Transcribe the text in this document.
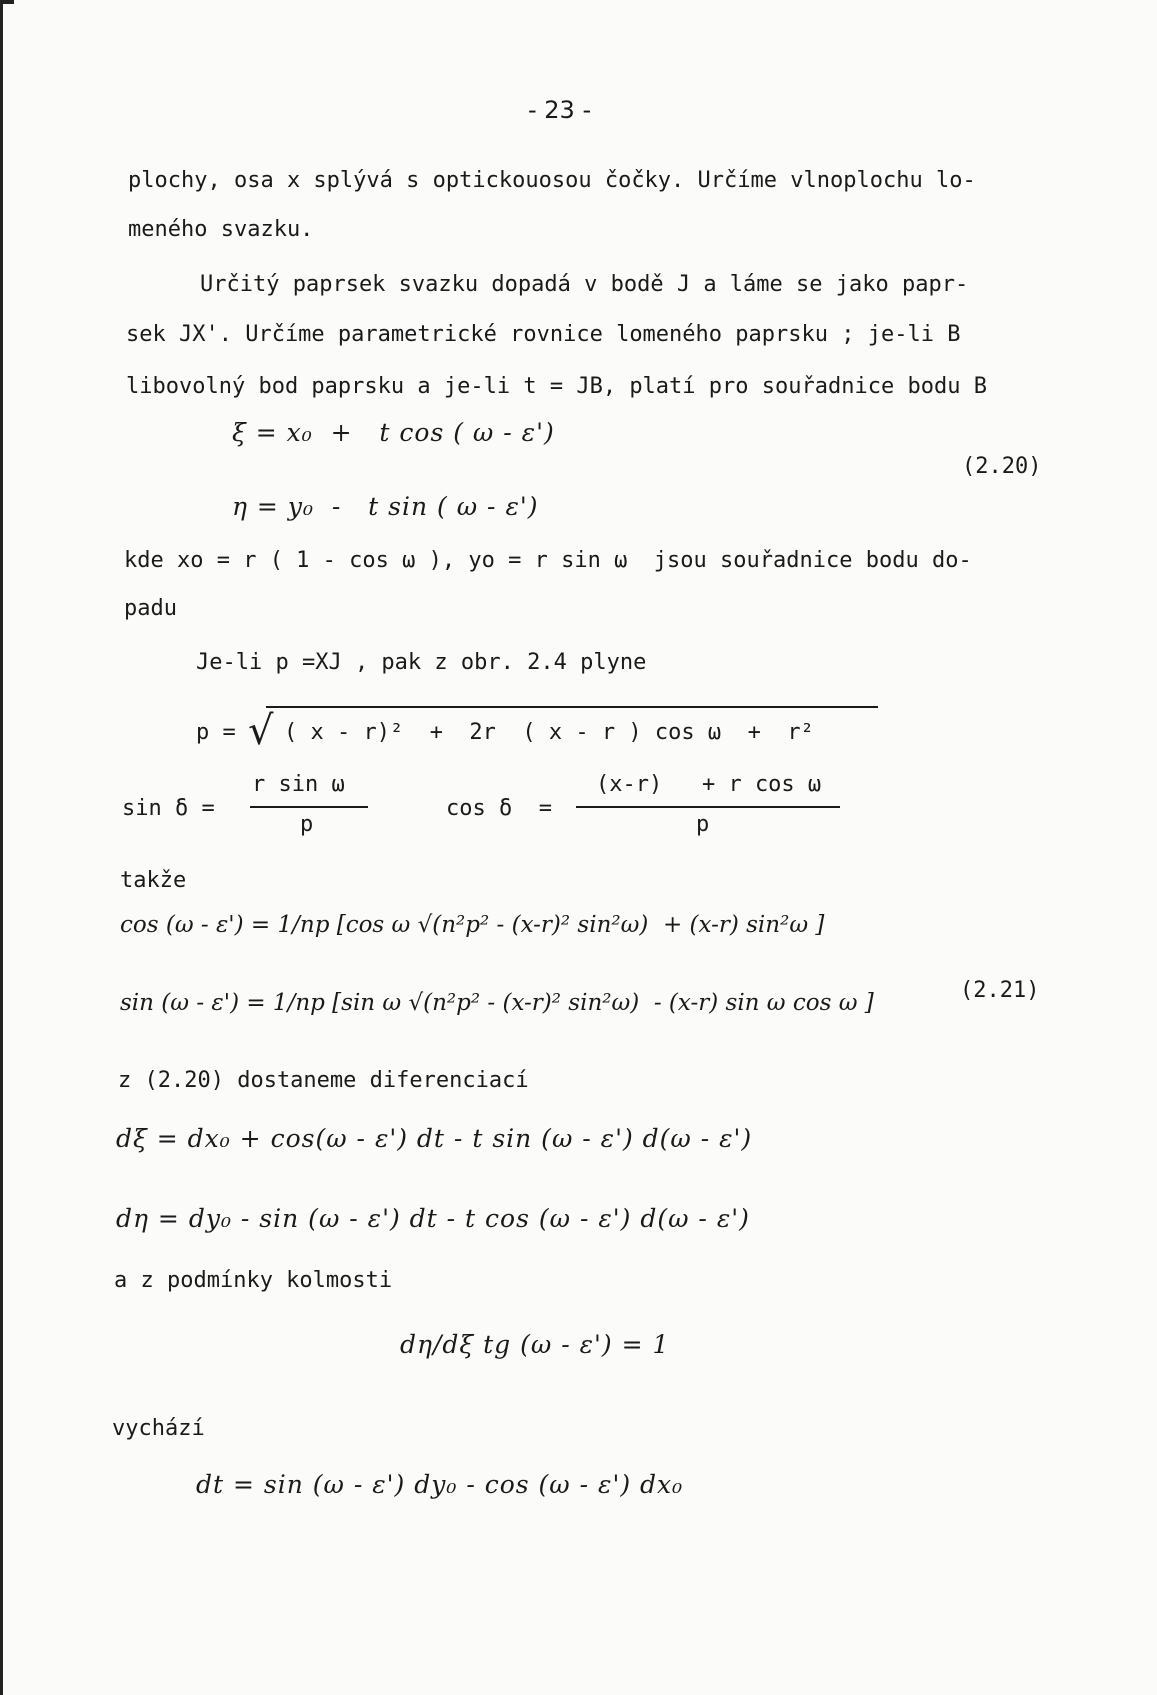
- 23 -
plochy, osa x splývá s optickouosou čočky. Určíme vlnoplochu lo-
meného svazku.
Určitý paprsek svazku dopadá v bodě J a láme se jako papr-
sek JX'. Určíme parametrické rovnice lomeného paprsku ; je-li B
libovolný bod paprsku a je-li t = JB, platí pro souřadnice bodu B
ξ = x₀  +   t cos ( ω - ε')
(2.20)
η = y₀  -   t sin ( ω - ε')
kde xo = r ( 1 - cos ω ), yo = r sin ω  jsou souřadnice bodu do-
padu
Je-li p =XJ , pak z obr. 2.4 plyne
p = √ ( x - r)²  +  2r  ( x - r ) cos ω  +  r²
sin δ =
r sin ω
p
cos δ  =
(x-r)   + r cos ω
p
takže
cos (ω - ε') = 1/np [cos ω √(n²p² - (x-r)² sin²ω)  + (x-r) sin²ω ]
sin (ω - ε') = 1/np [sin ω √(n²p² - (x-r)² sin²ω)  - (x-r) sin ω cos ω ]	(2.21)
z (2.20) dostaneme diferenciací
dξ = dx₀ + cos(ω - ε') dt - t sin (ω - ε') d(ω - ε')
dη = dy₀ - sin (ω - ε') dt - t cos (ω - ε') d(ω - ε')
a z podmínky kolmosti
dη/dξ tg (ω - ε') = 1
vychází
dt = sin (ω - ε') dy₀ - cos (ω - ε') dx₀
